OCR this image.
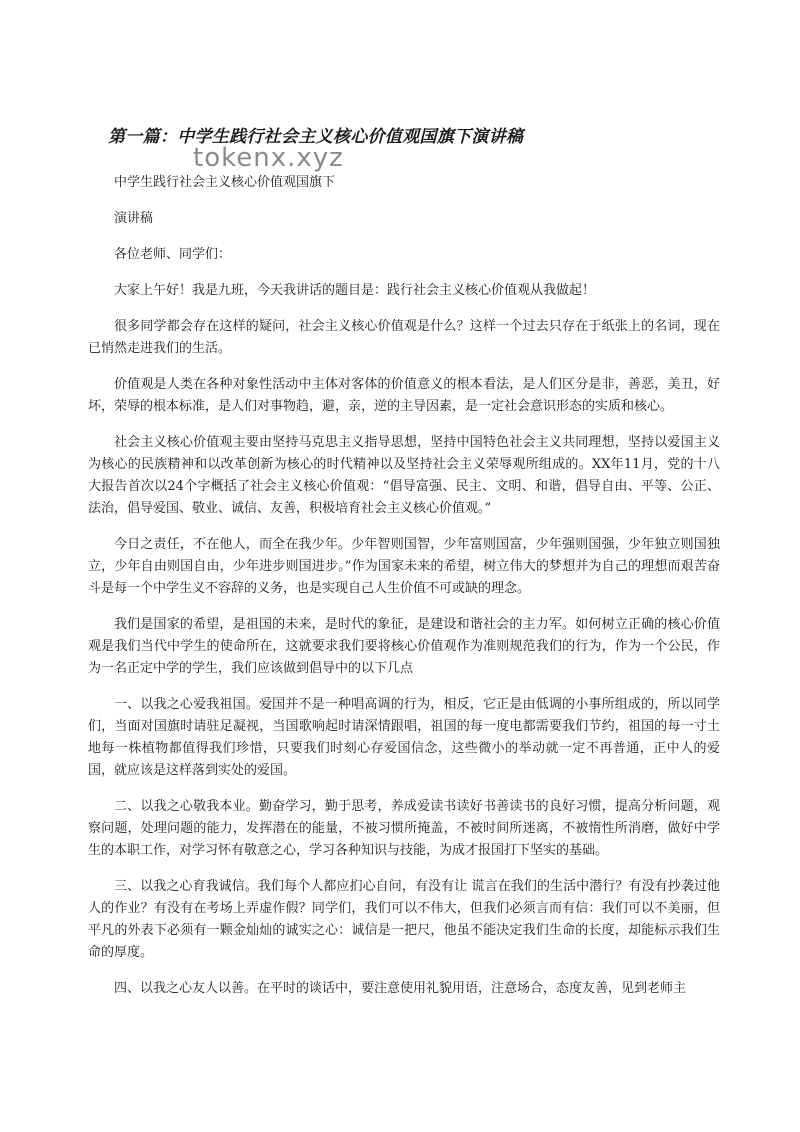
第一篇：中学生践行社会主义核心价值观国旗下演讲稿
tokenx.xyz

中学生践行社会主义核心价值观国旗下

演讲稿

各位老师、同学们：

大家上午好！我是九班，今天我讲话的题目是：践行社会主义核心价值观从我做起！

很多同学都会存在这样的疑问，社会主义核心价值观是什么？这样一个过去只存在于纸张上的名词，现在已悄然走进我们的生活。

价值观是人类在各种对象性活动中主体对客体的价值意义的根本看法，是人们区分是非，善恶，美丑，好坏，荣辱的根本标准，是人们对事物趋，避，亲，逆的主导因素，是一定社会意识形态的实质和核心。

社会主义核心价值观主要由坚持马克思主义指导思想，坚持中国特色社会主义共同理想，坚持以爱国主义为核心的民族精神和以改革创新为核心的时代精神以及坚持社会主义荣辱观所组成的。XX年11月，党的十八大报告首次以24个字概括了社会主义核心价值观：“倡导富强、民主、文明、和谐，倡导自由、平等、公正、法治，倡导爱国、敬业、诚信、友善，积极培育社会主义核心价值观。”

今日之责任，不在他人，而全在我少年。少年智则国智，少年富则国富，少年强则国强，少年独立则国独立，少年自由则国自由，少年进步则国进步。”作为国家未来的希望，树立伟大的梦想并为自己的理想而艰苦奋斗是每一个中学生义不容辞的义务，也是实现自己人生价值不可或缺的理念。

我们是国家的希望，是祖国的未来，是时代的象征，是建设和谐社会的主力军。如何树立正确的核心价值观是我们当代中学生的使命所在，这就要求我们要将核心价值观作为准则规范我们的行为，作为一个公民，作为一名正定中学的学生，我们应该做到倡导中的以下几点

一、以我之心爱我祖国。爱国并不是一种唱高调的行为，相反，它正是由低调的小事所组成的，所以同学们，当面对国旗时请驻足凝视，当国歌响起时请深情跟唱，祖国的每一度电都需要我们节约，祖国的每一寸土地每一株植物都值得我们珍惜，只要我们时刻心存爱国信念，这些微小的举动就一定不再普通，正中人的爱国，就应该是这样落到实处的爱国。

二、以我之心敬我本业。勤奋学习，勤于思考，养成爱读书读好书善读书的良好习惯，提高分析问题，观察问题，处理问题的能力，发挥潜在的能量，不被习惯所掩盖，不被时间所迷离，不被惰性所消磨，做好中学生的本职工作，对学习怀有敬意之心，学习各种知识与技能，为成才报国打下坚实的基础。

三、以我之心育我诚信。我们每个人都应扪心自问，有没有让 谎言在我们的生活中潜行？有没有抄袭过他人的作业？有没有在考场上弄虚作假？同学们，我们可以不伟大，但我们必须言而有信：我们可以不美丽，但平凡的外表下必须有一颗金灿灿的诚实之心：诚信是一把尺，他虽不能决定我们生命的长度，却能标示我们生命的厚度。

四、以我之心友人以善。在平时的谈话中，要注意使用礼貌用语，注意场合，态度友善，见到老师主
